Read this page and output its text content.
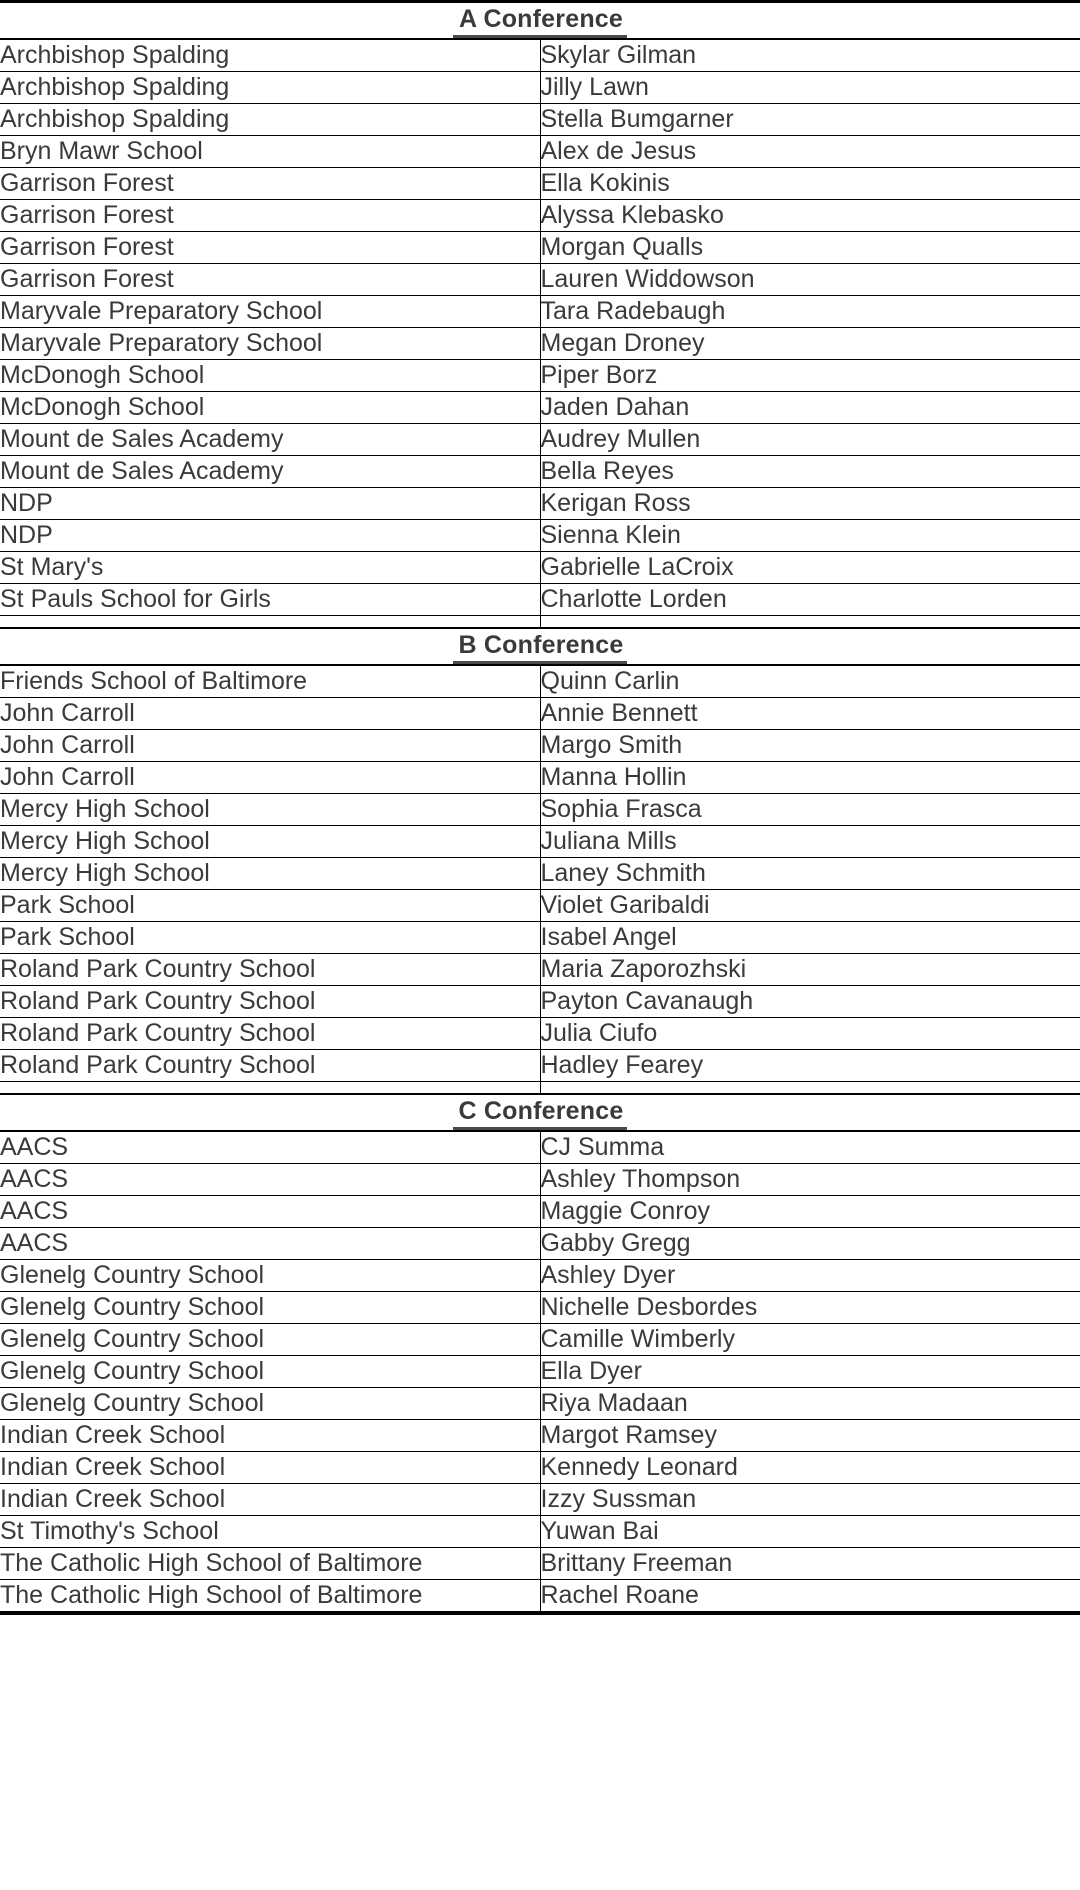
A Conference	
Archbishop Spalding	Skylar Gilman
Archbishop Spalding	Jilly Lawn
Archbishop Spalding	Stella Bumgarner
Bryn Mawr School	Alex de Jesus
Garrison Forest	Ella Kokinis
Garrison Forest	Alyssa Klebasko
Garrison Forest	Morgan Qualls
Garrison Forest	Lauren Widdowson
Maryvale Preparatory School	Tara Radebaugh
Maryvale Preparatory School	Megan Droney
McDonogh School	Piper Borz
McDonogh School	Jaden Dahan
Mount de Sales Academy	Audrey Mullen
Mount de Sales Academy	Bella Reyes
NDP	Kerigan Ross
NDP	Sienna Klein
St Mary's	Gabrielle LaCroix
St Pauls School for Girls	Charlotte Lorden

B Conference	
Friends School of Baltimore	Quinn Carlin
John Carroll	Annie Bennett
John Carroll	Margo Smith
John Carroll	Manna Hollin
Mercy High School	Sophia Frasca
Mercy High School	Juliana Mills
Mercy High School	Laney Schmith
Park School	Violet Garibaldi
Park School	Isabel Angel
Roland Park Country School	Maria Zaporozhski
Roland Park Country School	Payton Cavanaugh
Roland Park Country School	Julia Ciufo
Roland Park Country School	Hadley Fearey

C Conference	
AACS	CJ Summa
AACS	Ashley Thompson
AACS	Maggie Conroy
AACS	Gabby Gregg
Glenelg Country School	Ashley Dyer
Glenelg Country School	Nichelle Desbordes
Glenelg Country School	Camille Wimberly
Glenelg Country School	Ella Dyer
Glenelg Country School	Riya Madaan
Indian Creek School	Margot Ramsey
Indian Creek School	Kennedy Leonard
Indian Creek School	Izzy Sussman
St Timothy's School	Yuwan Bai
The Catholic High School of Baltimore	Brittany Freeman
The Catholic High School of Baltimore	Rachel Roane
